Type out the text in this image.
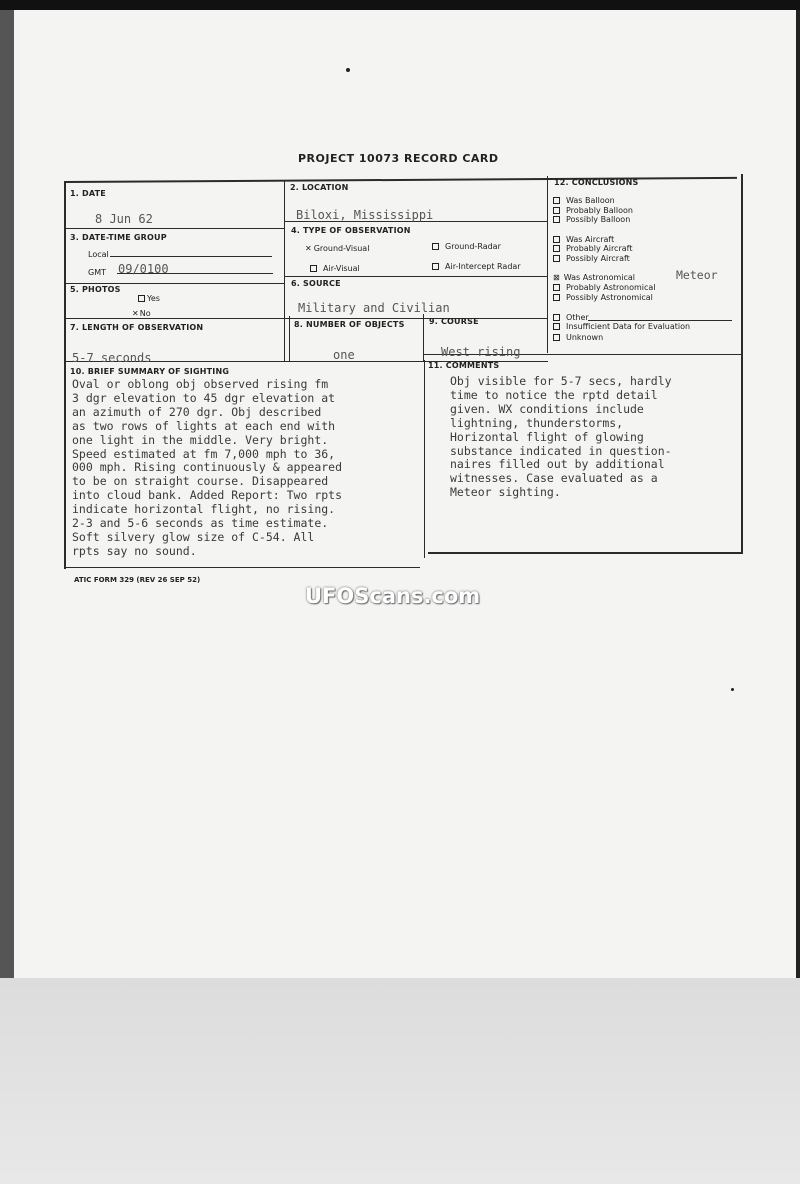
PROJECT 10073 RECORD CARD
1. DATE
8 Jun 62
2. LOCATION
Biloxi, Mississippi
3. DATE-TIME GROUP
Local
GMT 09/0100
4. TYPE OF OBSERVATION
✕ Ground-Visual	Ground-Radar
Air-Visual	Air-Intercept Radar
5. PHOTOS
Yes
✕No
6. SOURCE
Military and Civilian
7. LENGTH OF OBSERVATION
5-7 seconds
8. NUMBER OF OBJECTS
one
9. COURSE
West rising
10. BRIEF SUMMARY OF SIGHTING
Oval or oblong obj observed rising fm
3 dgr elevation to 45 dgr elevation at
an azimuth of 270 dgr. Obj described
as two rows of lights at each end with
one light in the middle. Very bright.
Speed estimated at fm 7,000 mph to 36,
000 mph. Rising continuously & appeared
to be on straight course. Disappeared
into cloud bank. Added Report: Two rpts
indicate horizontal flight, no rising.
2-3 and 5-6 seconds as time estimate.
Soft silvery glow size of C-54. All
rpts say no sound.
11. COMMENTS
Obj visible for 5-7 secs, hardly
time to notice the rptd detail
given. WX conditions include
lightning, thunderstorms,
Horizontal flight of glowing
substance indicated in question-
naires filled out by additional
witnesses. Case evaluated as a
Meteor sighting.
12. CONCLUSIONS
Was Balloon
Probably Balloon
Possibly Balloon
Was Aircraft
Probably Aircraft
Possibly Aircraft
⊠ Was Astronomical	Meteor
Probably Astronomical
Possibly Astronomical
Other
Insufficient Data for Evaluation
Unknown
ATIC FORM 329 (REV 26 SEP 52)
UFOScans.com
